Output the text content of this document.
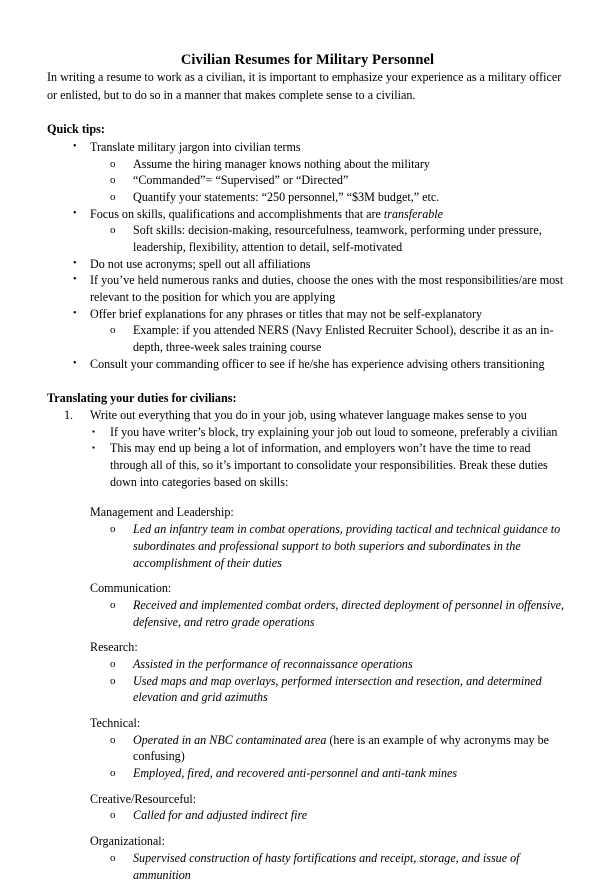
Civilian Resumes for Military Personnel

In writing a resume to work as a civilian, it is important to emphasize your experience as a military officer or enlisted, but to do so in a manner that makes complete sense to a civilian.

Quick tips:
•	Translate military jargon into civilian terms
o	Assume the hiring manager knows nothing about the military
o	“Commanded”= “Supervised” or “Directed”
o	Quantify your statements: “250 personnel,” “$3M budget,” etc.
•	Focus on skills, qualifications and accomplishments that are transferable
o	Soft skills: decision-making, resourcefulness, teamwork, performing under pressure, leadership, flexibility, attention to detail, self-motivated
•	Do not use acronyms; spell out all affiliations
•	If you’ve held numerous ranks and duties, choose the ones with the most responsibilities/are most relevant to the position for which you are applying
•	Offer brief explanations for any phrases or titles that may not be self-explanatory
o	Example: if you attended NERS (Navy Enlisted Recruiter School), describe it as an in-depth, three-week sales training course
•	Consult your commanding officer to see if he/she has experience advising others transitioning
Translating your duties for civilians:
1.	Write out everything that you do in your job, using whatever language makes sense to you
▪	If you have writer’s block, try explaining your job out loud to someone, preferably a civilian
▪	This may end up being a lot of information, and employers won’t have the time to read through all of this, so it’s important to consolidate your responsibilities. Break these duties down into categories based on skills:
Management and Leadership:
o	Led an infantry team in combat operations, providing tactical and technical guidance to subordinates and professional support to both superiors and subordinates in the accomplishment of their duties
Communication:
o	Received and implemented combat orders, directed deployment of personnel in offensive, defensive, and retro grade operations
Research:
o	Assisted in the performance of reconnaissance operations
o	Used maps and map overlays, performed intersection and resection, and determined elevation and grid azimuths
Technical:
o	Operated in an NBC contaminated area (here is an example of why acronyms may be confusing)
o	Employed, fired, and recovered anti-personnel and anti-tank mines
Creative/Resourceful:
o	Called for and adjusted indirect fire
Organizational:
o	Supervised construction of hasty fortifications and receipt, storage, and issue of ammunition
